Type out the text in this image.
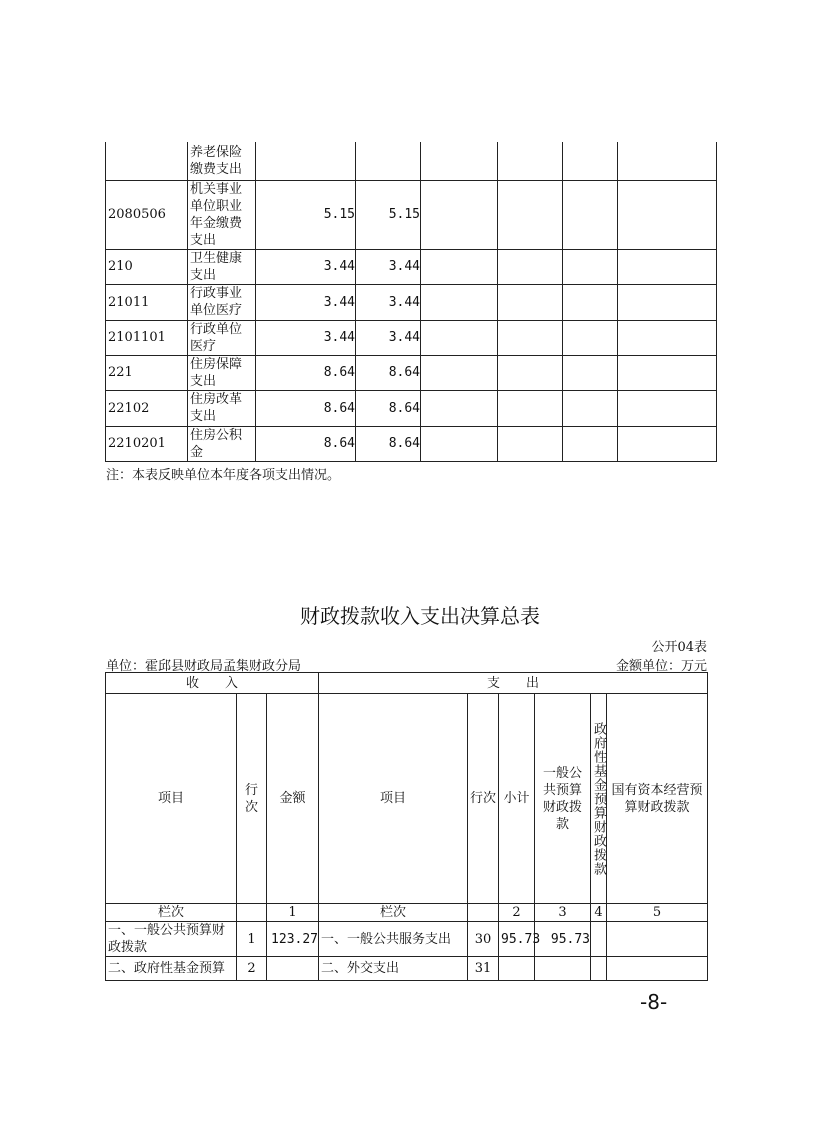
	养老保险缴费支出						
2080506	机关事业单位职业年金缴费支出	5.15	5.15				
210	卫生健康支出	3.44	3.44				
21011	行政事业单位医疗	3.44	3.44				
2101101	行政单位医疗	3.44	3.44				
221	住房保障支出	8.64	8.64				
22102	住房改革支出	8.64	8.64				
2210201	住房公积金	8.64	8.64				
注：本表反映单位本年度各项支出情况。
财政拨款收入支出决算总表
公开04表
单位：霍邱县财政局孟集财政分局	金额单位：万元
收　　入			支　　出					
项目	行次	金额	项目	行次	小计	一般公共预算财政拨款	政府性基金预算财政拨款	国有资本经营预算财政拨款
栏次		1	栏次		2	3	4	5
一、一般公共预算财政拨款	1	123.27	一、一般公共服务支出	30	95.73	95.73		
二、政府性基金预算	2		二、外交支出	31				
-8-
